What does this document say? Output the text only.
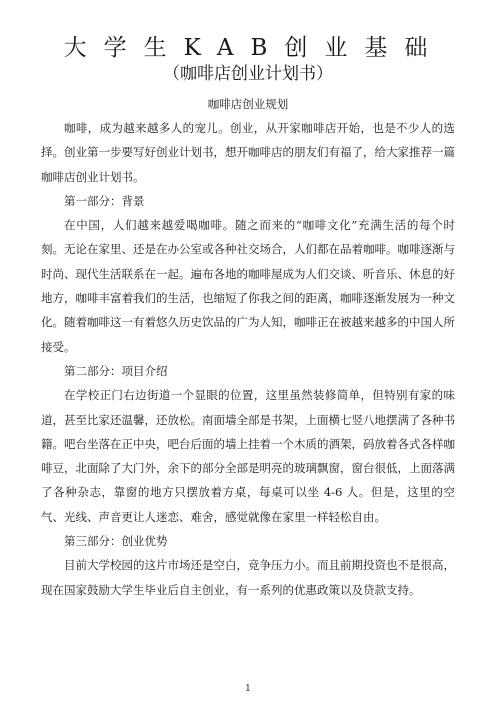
大学生KAB创业基础
（咖啡店创业计划书）

咖啡店创业规划

咖啡，成为越来越多人的宠儿。创业，从开家咖啡店开始，也是不少人的选择。创业第一步要写好创业计划书，想开咖啡店的朋友们有福了，给大家推荐一篇咖啡店创业计划书。

第一部分：背景

在中国，人们越来越爱喝咖啡。随之而来的“咖啡文化”充满生活的每个时刻。无论在家里、还是在办公室或各种社交场合，人们都在品着咖啡。咖啡逐渐与时尚、现代生活联系在一起。遍布各地的咖啡屋成为人们交谈、听音乐、休息的好地方，咖啡丰富着我们的生活，也缩短了你我之间的距离，咖啡逐渐发展为一种文化。随着咖啡这一有着悠久历史饮品的广为人知，咖啡正在被越来越多的中国人所接受。

第二部分：项目介绍

在学校正门右边街道一个显眼的位置，这里虽然装修简单，但特别有家的味道，甚至比家还温馨，还放松。南面墙全部是书架，上面横七竖八地摆满了各种书籍。吧台坐落在正中央，吧台后面的墙上挂着一个木质的酒架，码放着各式各样咖啡豆，北面除了大门外，余下的部分全部是明亮的玻璃飘窗，窗台很低，上面落满了各种杂志，靠窗的地方只摆放着方桌，每桌可以坐 4-6 人。但是，这里的空气、光线、声音更让人迷恋、难舍，感觉就像在家里一样轻松自由。

第三部分：创业优势

目前大学校园的这片市场还是空白，竞争压力小。而且前期投资也不是很高，现在国家鼓励大学生毕业后自主创业，有一系列的优惠政策以及贷款支持。

1
